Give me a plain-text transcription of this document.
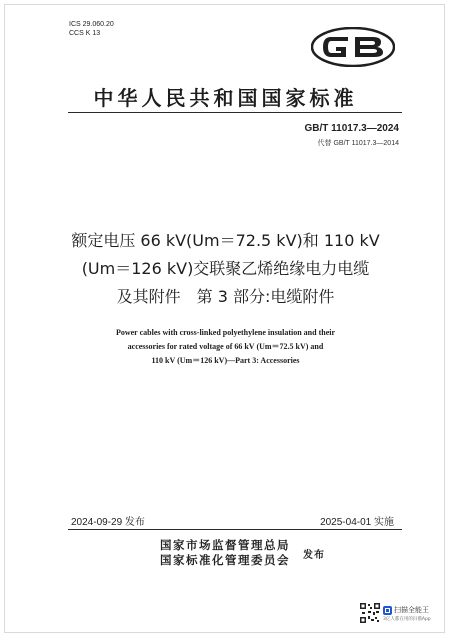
ICS 29.060.20
CCS K 13
中华人民共和国国家标准
GB/T 11017.3—2024
代替 GB/T 11017.3—2014
额定电压 66 kV(Um＝72.5 kV)和 110 kV
(Um＝126 kV)交联聚乙烯绝缘电力电缆
及其附件　第 3 部分:电缆附件
Power cables with cross-linked polyethylene insulation and their
accessories for rated voltage of 66 kV (Um＝72.5 kV) and
110 kV (Um＝126 kV)—Part 3: Accessories
2024-09-29 发布	2025-04-01 实施
国家市场监督管理总局
国家标准化管理委员会 发布
扫描全能王
3亿人都在用的扫描App
